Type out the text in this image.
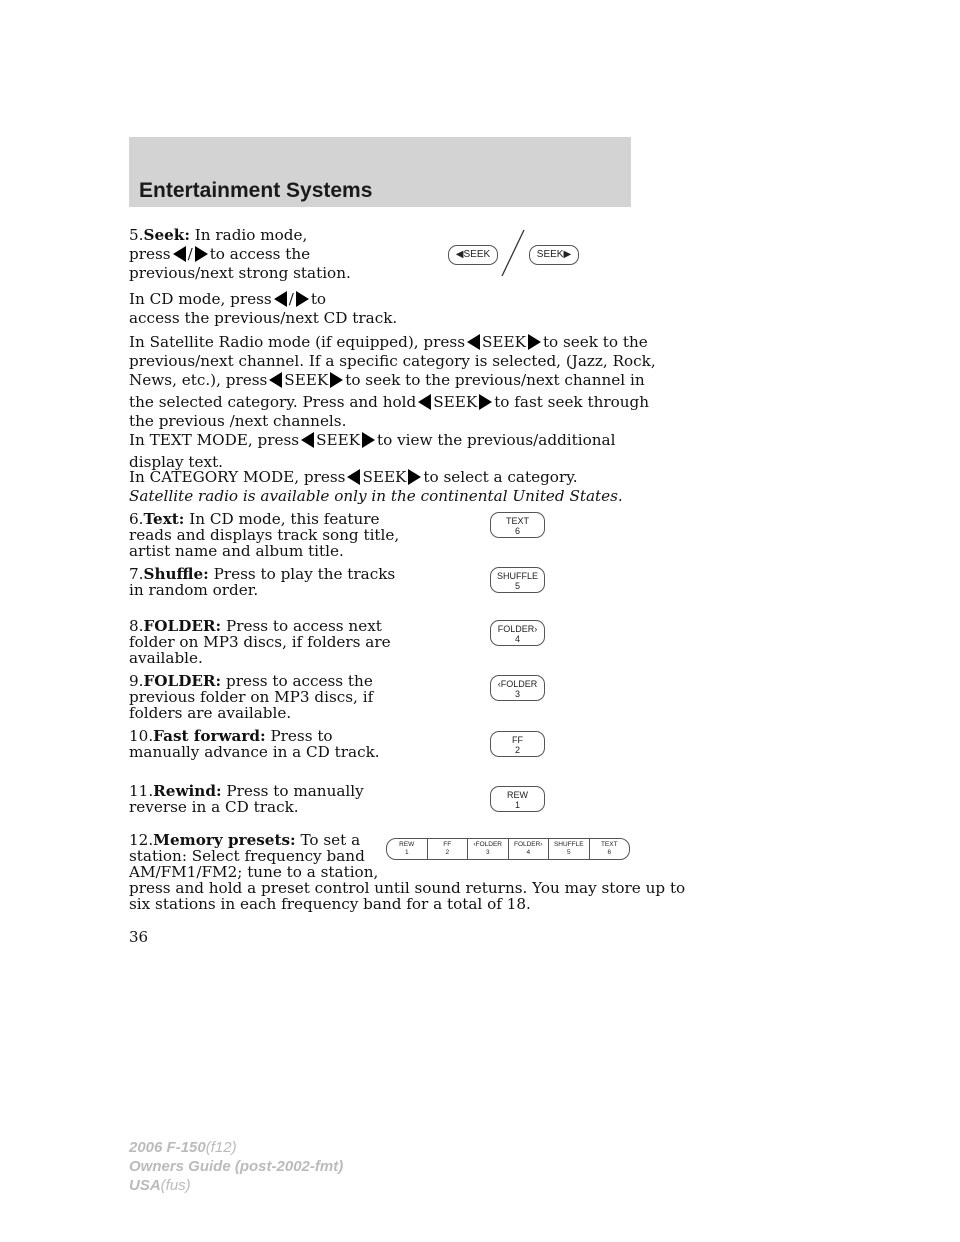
Entertainment Systems
5.Seek: In radio mode,
press / to access the
previous/next strong station.
In CD mode, press / to
access the previous/next CD track.
◀SEEK	SEEK▶
In Satellite Radio mode (if equipped), press SEEK to seek to the
previous/next channel. If a specific category is selected, (Jazz, Rock,
News, etc.), press SEEK to seek to the previous/next channel in
the selected category. Press and hold SEEK to fast seek through
the previous /next channels.
In TEXT MODE, press SEEK to view the previous/additional
display text.
In CATEGORY MODE, press SEEK to select a category.
Satellite radio is available only in the continental United States.
6.Text: In CD mode, this feature
reads and displays track song title,
artist name and album title.
TEXT
6
7.Shuffle: Press to play the tracks
in random order.
SHUFFLE
5
8.FOLDER: Press to access next
folder on MP3 discs, if folders are
available.
FOLDER›
4
9.FOLDER: press to access the
previous folder on MP3 discs, if
folders are available.
‹FOLDER
3
10.Fast forward: Press to
manually advance in a CD track.
FF
2
11.Rewind: Press to manually
reverse in a CD track.
REW
1
12.Memory presets: To set a
station: Select frequency band
AM/FM1/FM2; tune to a station,
press and hold a preset control until sound returns. You may store up to
six stations in each frequency band for a total of 18.
REW
1
FF
2
‹FOLDER
3
FOLDER›
4
SHUFFLE
5
TEXT
6
36
2006 F-150(f12)
Owners Guide (post-2002-fmt)
USA(fus)
